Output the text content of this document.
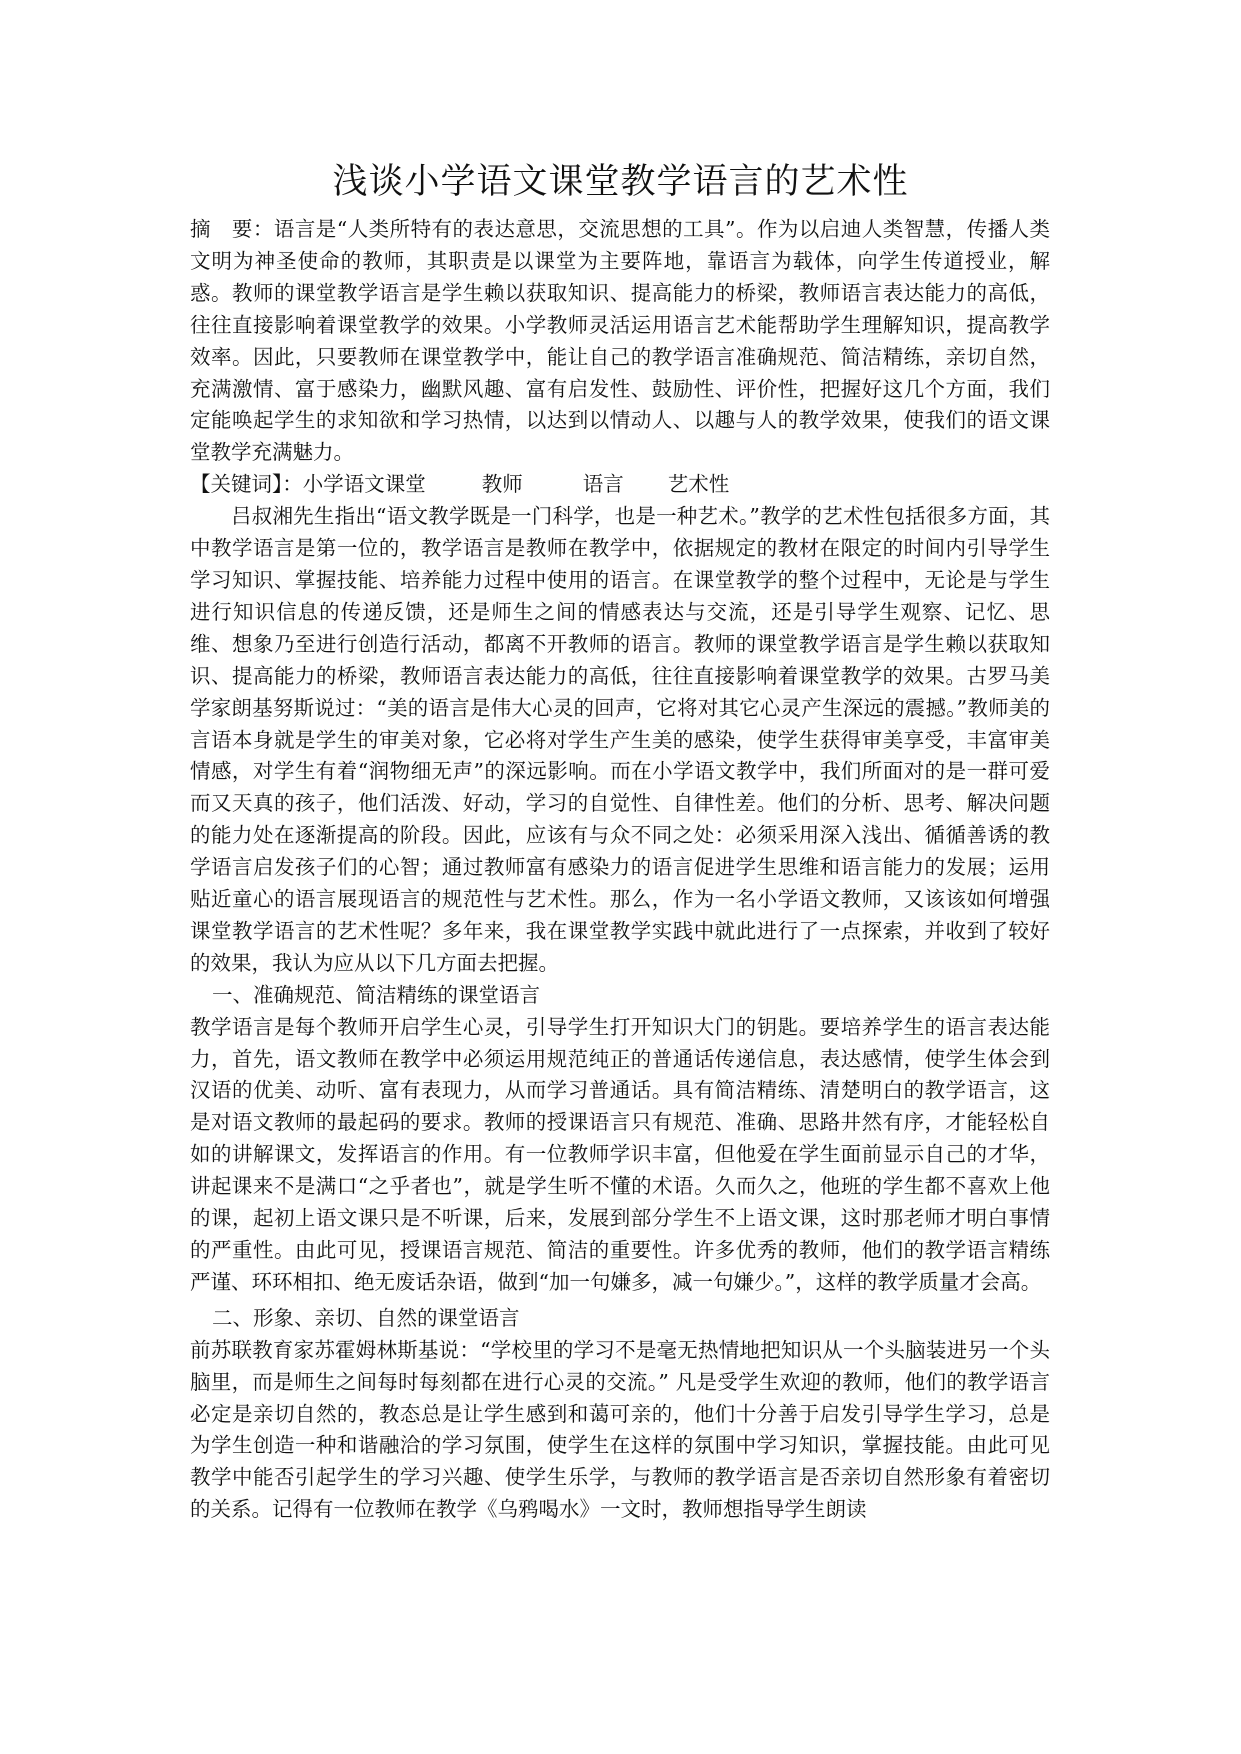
浅谈小学语文课堂教学语言的艺术性

摘　要：语言是“人类所特有的表达意思，交流思想的工具”。作为以启迪人类智慧，传播人类文明为神圣使命的教师，其职责是以课堂为主要阵地，靠语言为载体，向学生传道授业，解惑。教师的课堂教学语言是学生赖以获取知识、提高能力的桥梁，教师语言表达能力的高低，往往直接影响着课堂教学的效果。小学教师灵活运用语言艺术能帮助学生理解知识，提高教学效率。因此，只要教师在课堂教学中，能让自己的教学语言准确规范、简洁精练，亲切自然，充满激情、富于感染力，幽默风趣、富有启发性、鼓励性、评价性，把握好这几个方面，我们定能唤起学生的求知欲和学习热情，以达到以情动人、以趣与人的教学效果，使我们的语文课堂教学充满魅力。

【关键词】：小学语文课堂	教师	语言 艺术性

吕叔湘先生指出“语文教学既是一门科学，也是一种艺术。”教学的艺术性包括很多方面，其中教学语言是第一位的，教学语言是教师在教学中，依据规定的教材在限定的时间内引导学生学习知识、掌握技能、培养能力过程中使用的语言。在课堂教学的整个过程中，无论是与学生进行知识信息的传递反馈，还是师生之间的情感表达与交流，还是引导学生观察、记忆、思维、想象乃至进行创造行活动，都离不开教师的语言。教师的课堂教学语言是学生赖以获取知识、提高能力的桥梁，教师语言表达能力的高低，往往直接影响着课堂教学的效果。古罗马美学家朗基努斯说过：“美的语言是伟大心灵的回声，它将对其它心灵产生深远的震撼。”教师美的言语本身就是学生的审美对象，它必将对学生产生美的感染，使学生获得审美享受，丰富审美情感，对学生有着“润物细无声”的深远影响。而在小学语文教学中，我们所面对的是一群可爱而又天真的孩子，他们活泼、好动，学习的自觉性、自律性差。他们的分析、思考、解决问题的能力处在逐渐提高的阶段。因此，应该有与众不同之处：必须采用深入浅出、循循善诱的教学语言启发孩子们的心智；通过教师富有感染力的语言促进学生思维和语言能力的发展；运用贴近童心的语言展现语言的规范性与艺术性。那么，作为一名小学语文教师，又该该如何增强课堂教学语言的艺术性呢？多年来，我在课堂教学实践中就此进行了一点探索，并收到了较好的效果，我认为应从以下几方面去把握。

一、准确规范、简洁精练的课堂语言

教学语言是每个教师开启学生心灵，引导学生打开知识大门的钥匙。要培养学生的语言表达能力，首先，语文教师在教学中必须运用规范纯正的普通话传递信息，表达感情，使学生体会到汉语的优美、动听、富有表现力，从而学习普通话。具有简洁精练、清楚明白的教学语言，这是对语文教师的最起码的要求。教师的授课语言只有规范、准确、思路井然有序，才能轻松自如的讲解课文，发挥语言的作用。有一位教师学识丰富，但他爱在学生面前显示自己的才华，讲起课来不是满口“之乎者也”，就是学生听不懂的术语。久而久之，他班的学生都不喜欢上他的课，起初上语文课只是不听课，后来，发展到部分学生不上语文课，这时那老师才明白事情的严重性。由此可见，授课语言规范、简洁的重要性。许多优秀的教师，他们的教学语言精练严谨、环环相扣、绝无废话杂语，做到“加一句嫌多，减一句嫌少。”，这样的教学质量才会高。

二、形象、亲切、自然的课堂语言

前苏联教育家苏霍姆林斯基说：“学校里的学习不是毫无热情地把知识从一个头脑装进另一个头脑里，而是师生之间每时每刻都在进行心灵的交流。” 凡是受学生欢迎的教师，他们的教学语言必定是亲切自然的，教态总是让学生感到和蔼可亲的，他们十分善于启发引导学生学习，总是为学生创造一种和谐融洽的学习氛围，使学生在这样的氛围中学习知识，掌握技能。由此可见教学中能否引起学生的学习兴趣、使学生乐学，与教师的教学语言是否亲切自然形象有着密切的关系。记得有一位教师在教学《乌鸦喝水》一文时，教师想指导学生朗读
